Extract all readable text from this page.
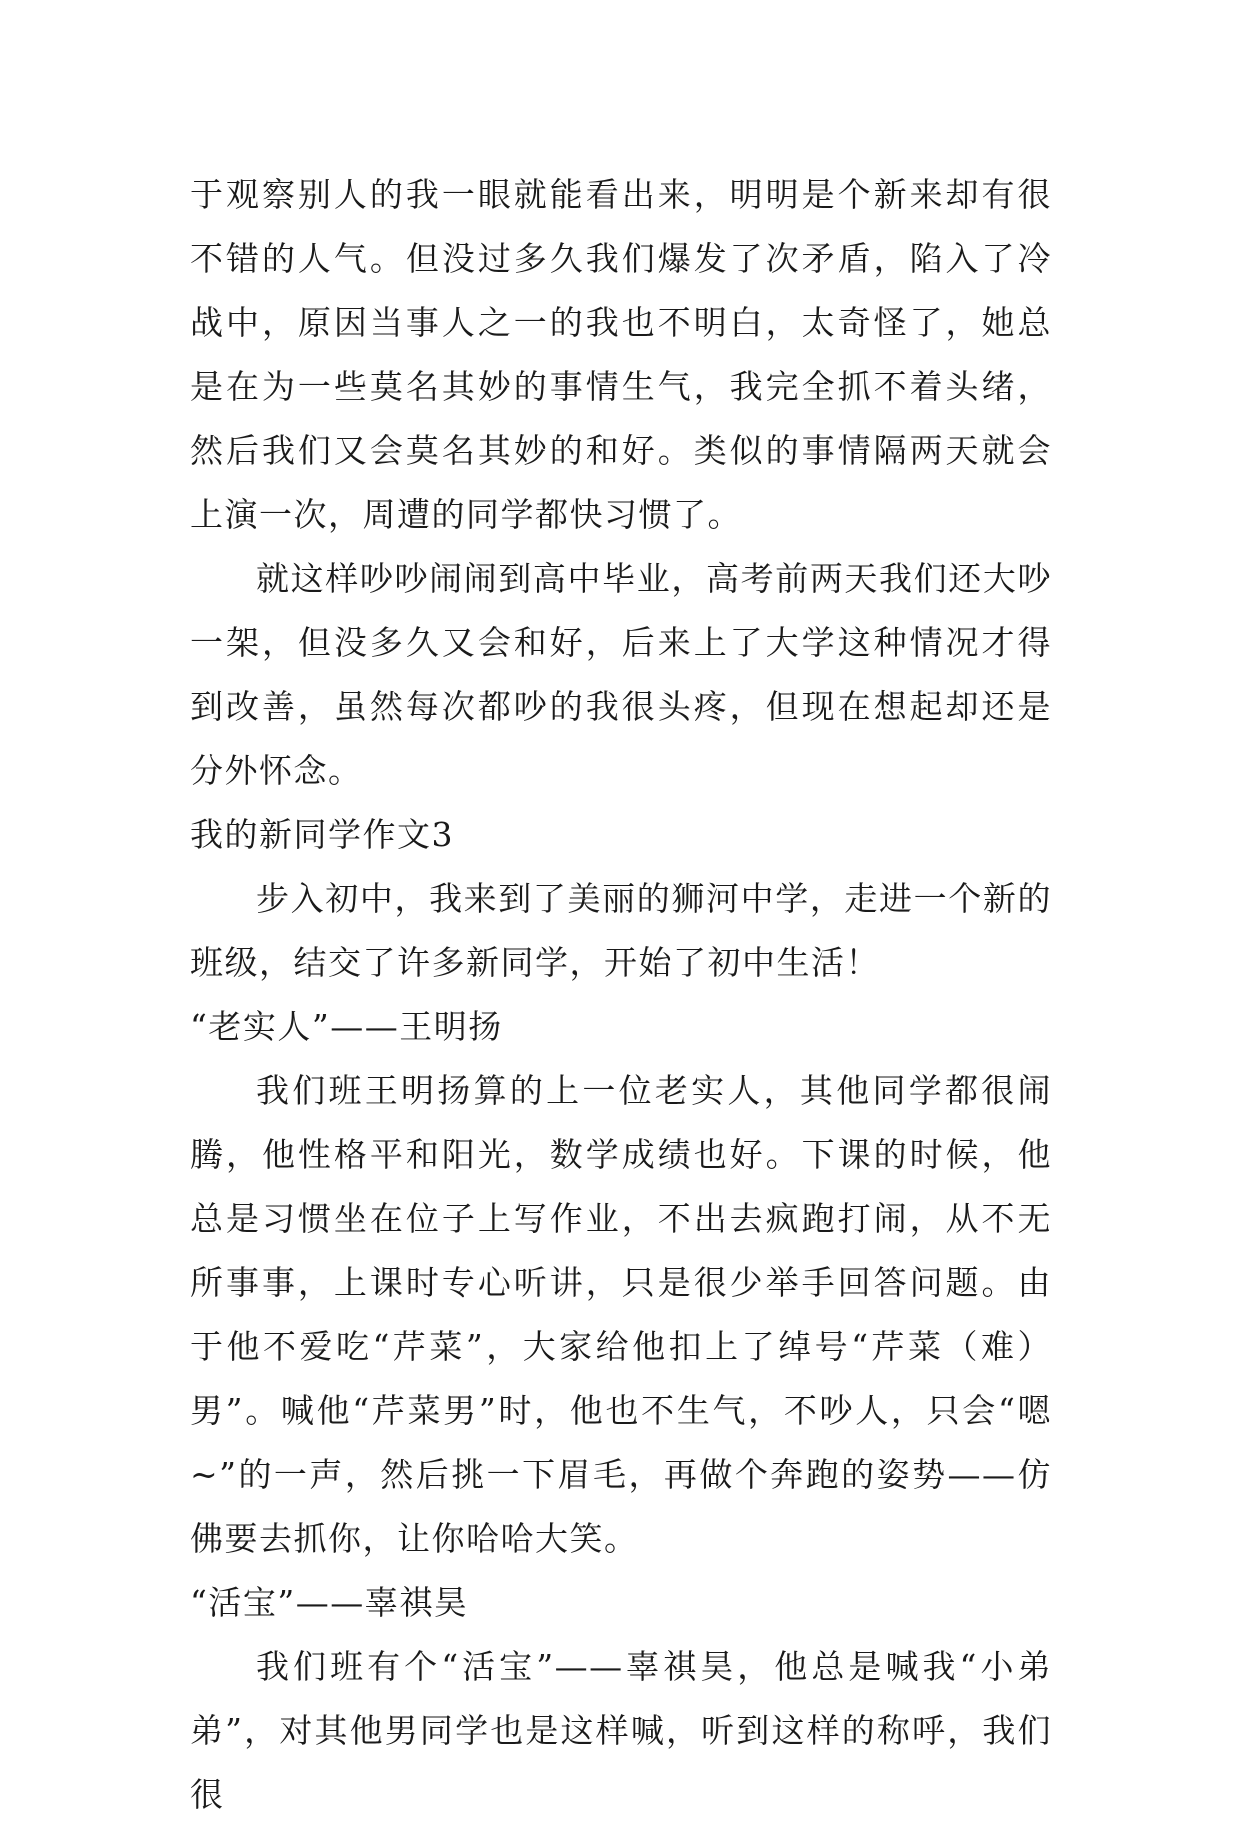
于观察别人的我一眼就能看出来，明明是个新来却有很不错的人气。但没过多久我们爆发了次矛盾，陷入了冷战中，原因当事人之一的我也不明白，太奇怪了，她总是在为一些莫名其妙的事情生气，我完全抓不着头绪，然后我们又会莫名其妙的和好。类似的事情隔两天就会上演一次，周遭的同学都快习惯了。

就这样吵吵闹闹到高中毕业，高考前两天我们还大吵一架，但没多久又会和好，后来上了大学这种情况才得到改善，虽然每次都吵的我很头疼，但现在想起却还是分外怀念。

我的新同学作文3

步入初中，我来到了美丽的狮河中学，走进一个新的班级，结交了许多新同学，开始了初中生活！

“老实人”——王明扬

我们班王明扬算的上一位老实人，其他同学都很闹腾，他性格平和阳光，数学成绩也好。下课的时候，他总是习惯坐在位子上写作业，不出去疯跑打闹，从不无所事事，上课时专心听讲，只是很少举手回答问题。由于他不爱吃“芹菜”，大家给他扣上了绰号“芹菜（难）男”。喊他“芹菜男”时，他也不生气，不吵人，只会“嗯~”的一声，然后挑一下眉毛，再做个奔跑的姿势——仿佛要去抓你，让你哈哈大笑。

“活宝”——辜祺昊

我们班有个“活宝”——辜祺昊，他总是喊我“小弟弟”，对其他男同学也是这样喊，听到这样的称呼，我们很
